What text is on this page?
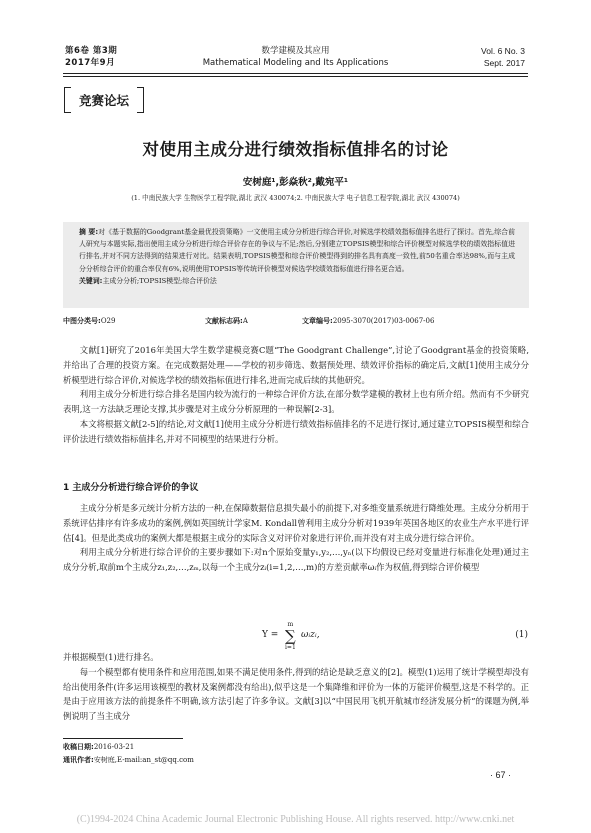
第6卷 第3期
2017年9月
数学建模及其应用
Mathematical Modeling and Its Applications
Vol. 6 No. 3
Sept. 2017
竞赛论坛
对使用主成分进行绩效指标值排名的讨论
安树庭¹,彭焱秋²,戴宛平¹
(1. 中南民族大学 生物医学工程学院,湖北 武汉 430074;2. 中南民族大学 电子信息工程学院,湖北 武汉 430074)
摘 要:对《基于数据的Goodgrant基金最优投资策略》一文使用主成分分析进行综合评价,对候选学校绩效指标值排名进行了探讨。首先,综合前人研究与本题实际,指出使用主成分分析进行综合评价存在的争议与不足;然后,分别建立TOPSIS模型和综合评价模型对候选学校的绩效指标值进行排名,并对不同方法得到的结果进行对比。结果表明,TOPSIS模型和综合评价模型得到的排名具有高度一致性,前50名重合率达98%,而与主成分分析综合评价的重合率仅有6%,说明使用TOPSIS等传统评价模型对候选学校绩效指标值进行排名更合适。
关键词:主成分分析;TOPSIS模型;综合评价法
中图分类号:O29	文献标志码:A	文章编号:2095-3070(2017)03-0067-06

文献[1]研究了2016年美国大学生数学建模竞赛C题“The Goodgrant Challenge”,讨论了Goodgrant基金的投资策略,并给出了合理的投资方案。在完成数据处理——学校的初步筛选、数据预处理、绩效评价指标的确定后,文献[1]使用主成分分析模型进行综合评价,对候选学校的绩效指标值进行排名,进而完成后续的其他研究。

利用主成分分析进行综合排名是国内较为流行的一种综合评价方法,在部分数学建模的教材上也有所介绍。然而有不少研究表明,这一方法缺乏理论支撑,其步骤是对主成分分析原理的一种误解[2-3]。

本文将根据文献[2-5]的结论,对文献[1]使用主成分分析进行绩效指标值排名的不足进行探讨,通过建立TOPSIS模型和综合评价法进行绩效指标值排名,并对不同模型的结果进行分析。

1 主成分分析进行综合评价的争议

主成分分析是多元统计分析方法的一种,在保障数据信息损失最小的前提下,对多维变量系统进行降维处理。主成分分析用于系统评估排序有许多成功的案例,例如英国统计学家M. Kondall曾利用主成分分析对1939年英国各地区的农业生产水平进行评估[4]。但是此类成功的案例大都是根据主成分的实际含义对评价对象进行评价,而并没有对主成分进行综合评价。

利用主成分分析进行综合评价的主要步骤如下:对n个原始变量y₁,y₂,…,yₙ(以下均假设已经对变量进行标准化处理)通过主成分分析,取前m个主成分z₁,z₂,…,zₘ,以每一个主成分zᵢ(i=1,2,…,m)的方差贡献率ωᵢ作为权值,得到综合评价模型

Y =
m
∑
i=1
ωᵢzᵢ,	(1)
并根据模型(1)进行排名。

每一个模型都有使用条件和应用范围,如果不满足使用条件,得到的结论是缺乏意义的[2]。模型(1)运用了统计学模型却没有给出使用条件(许多运用该模型的教材及案例都没有给出),似乎这是一个集降维和评价为一体的万能评价模型,这是不科学的。正是由于应用该方法的前提条件不明确,该方法引起了许多争议。文献[3]以“中国民用飞机开航城市经济发展分析”的课题为例,举例说明了当主成分

收稿日期:2016-03-21
通讯作者:安树庭,E-mail:an_st@qq.com
· 67 ·
(C)1994-2024 China Academic Journal Electronic Publishing House. All rights reserved. http://www.cnki.net
